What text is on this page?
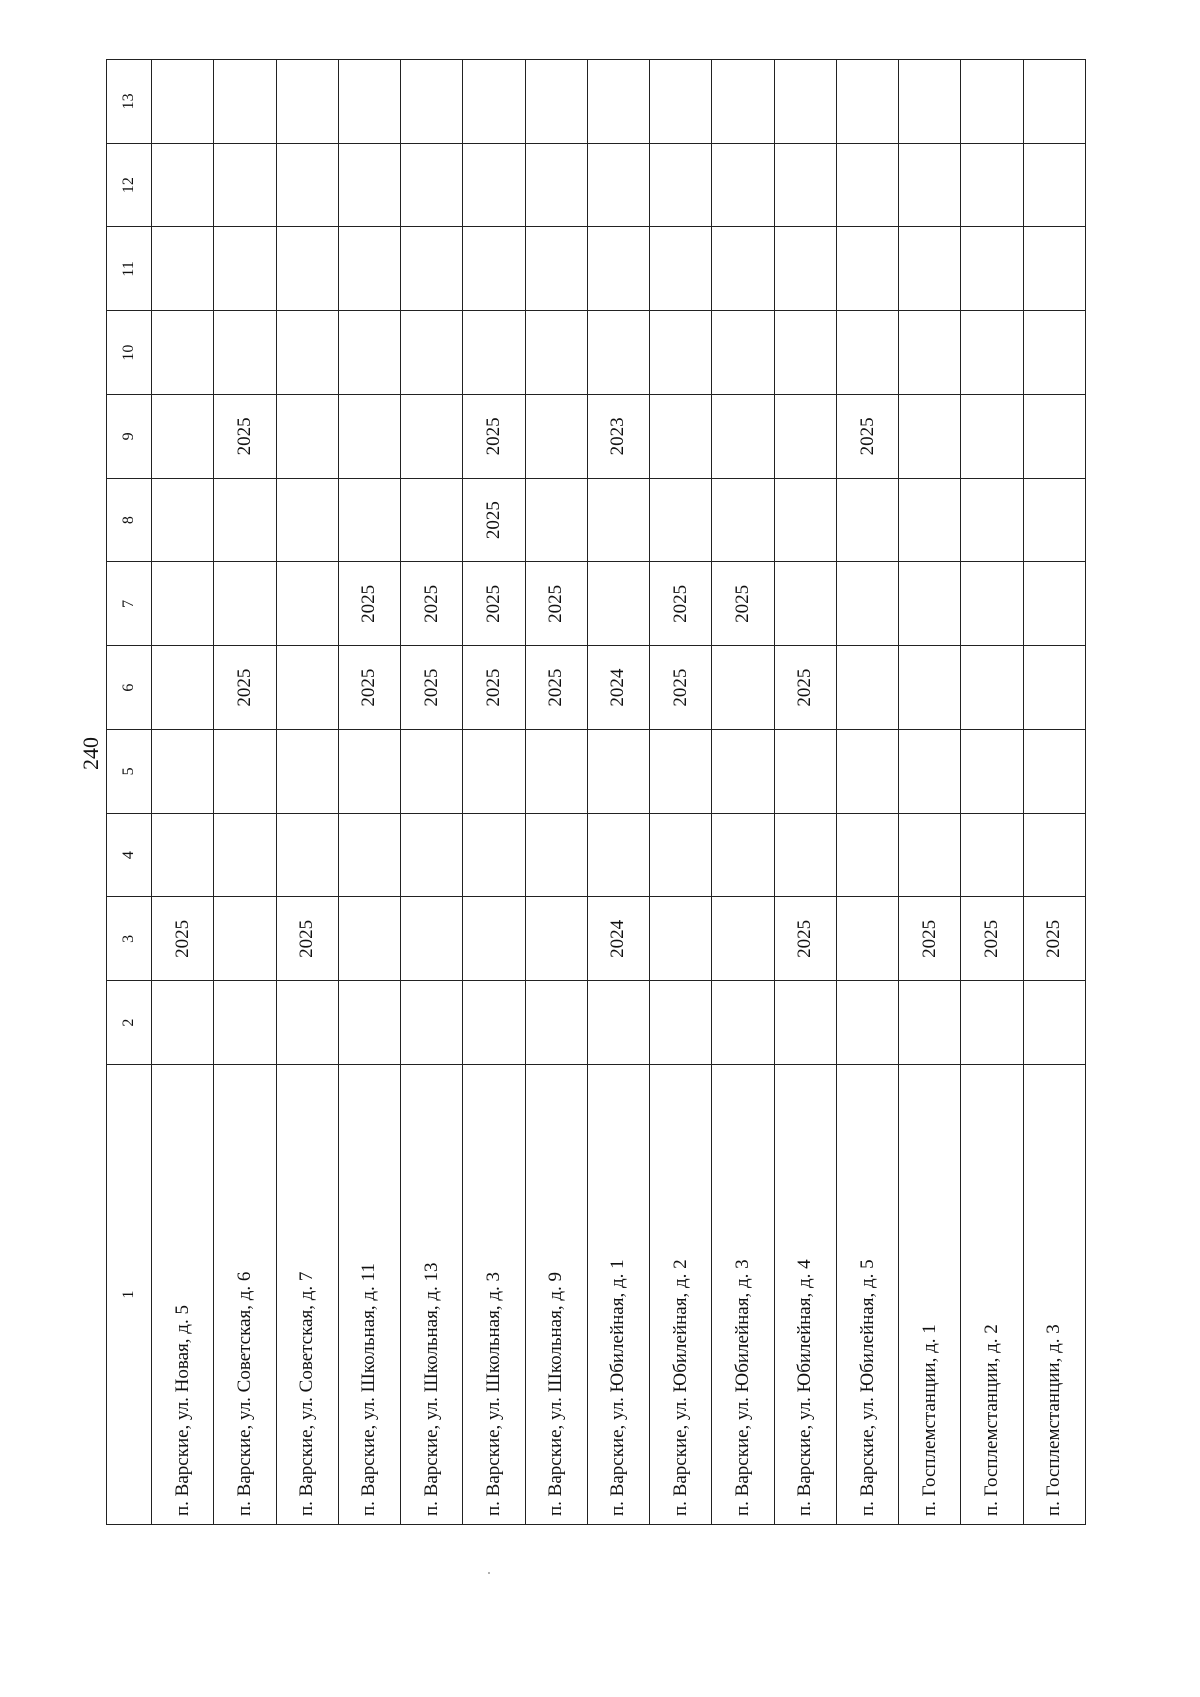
240
1	2	3	4	5	6	7	8	9	10	11	12	13
п. Варские, ул. Новая, д. 5		2025										
п. Варские, ул. Советская, д. 6					2025			2025				
п. Варские, ул. Советская, д. 7		2025										
п. Варские, ул. Школьная, д. 11					2025	2025						
п. Варские, ул. Школьная, д. 13					2025	2025						
п. Варские, ул. Школьная, д. 3					2025	2025	2025	2025				
п. Варские, ул. Школьная, д. 9					2025	2025						
п. Варские, ул. Юбилейная, д. 1		2024			2024			2023				
п. Варские, ул. Юбилейная, д. 2					2025	2025						
п. Варские, ул. Юбилейная, д. 3						2025						
п. Варские, ул. Юбилейная, д. 4		2025			2025							
п. Варские, ул. Юбилейная, д. 5								2025				
п. Госплемстанции, д. 1		2025										
п. Госплемстанции, д. 2		2025										
п. Госплемстанции, д. 3		2025										
